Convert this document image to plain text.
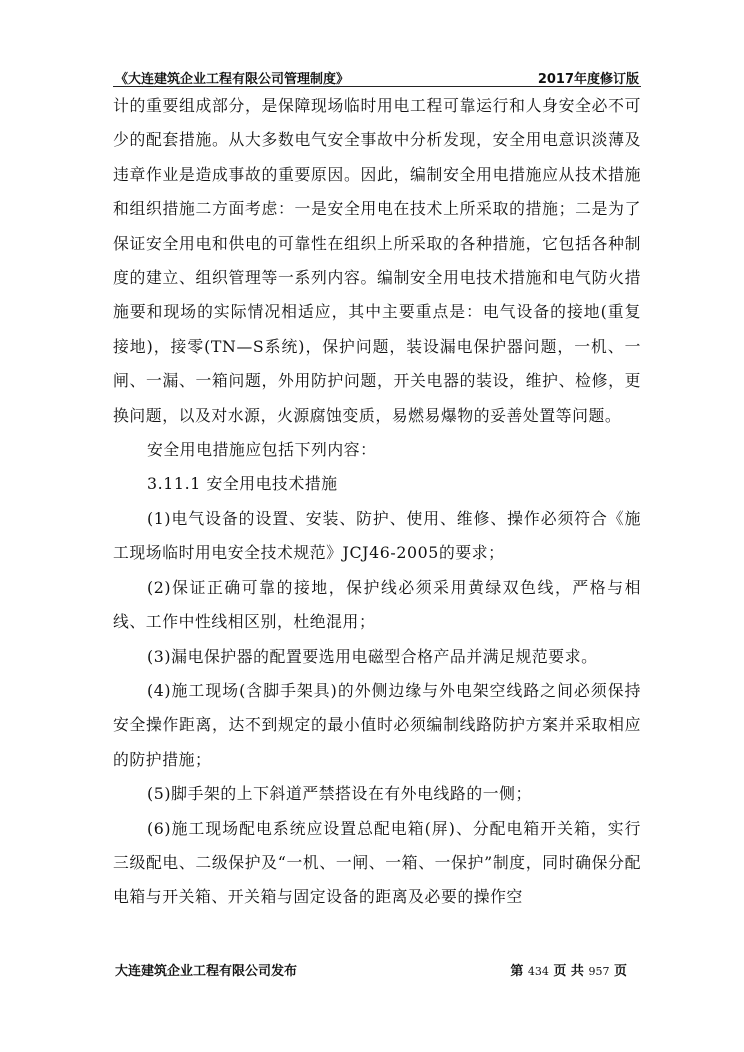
《大连建筑企业工程有限公司管理制度》	2017年度修订版

计的重要组成部分，是保障现场临时用电工程可靠运行和人身安全必不可少的配套措施。从大多数电气安全事故中分析发现，安全用电意识淡薄及违章作业是造成事故的重要原因。因此，编制安全用电措施应从技术措施和组织措施二方面考虑：一是安全用电在技术上所采取的措施；二是为了保证安全用电和供电的可靠性在组织上所采取的各种措施，它包括各种制度的建立、组织管理等一系列内容。编制安全用电技术措施和电气防火措施要和现场的实际情况相适应，其中主要重点是：电气设备的接地(重复接地)，接零(TN—S系统)，保护问题，装设漏电保护器问题，一机、一闸、一漏、一箱问题，外用防护问题，开关电器的装设，维护、检修，更换问题，以及对水源，火源腐蚀变质，易燃易爆物的妥善处置等问题。

安全用电措施应包括下列内容：

3.11.1 安全用电技术措施

(1)电气设备的设置、安装、防护、使用、维修、操作必须符合《施工现场临时用电安全技术规范》JCJ46-2005的要求；

(2)保证正确可靠的接地，保护线必须采用黄绿双色线，严格与相线、工作中性线相区别，杜绝混用；

(3)漏电保护器的配置要选用电磁型合格产品并满足规范要求。

(4)施工现场(含脚手架具)的外侧边缘与外电架空线路之间必须保持安全操作距离，达不到规定的最小值时必须编制线路防护方案并采取相应的防护措施；

(5)脚手架的上下斜道严禁搭设在有外电线路的一侧；

(6)施工现场配电系统应设置总配电箱(屏)、分配电箱开关箱，实行三级配电、二级保护及“一机、一闸、一箱、一保护”制度，同时确保分配电箱与开关箱、开关箱与固定设备的距离及必要的操作空

大连建筑企业工程有限公司发布	第 434 页 共 957 页
